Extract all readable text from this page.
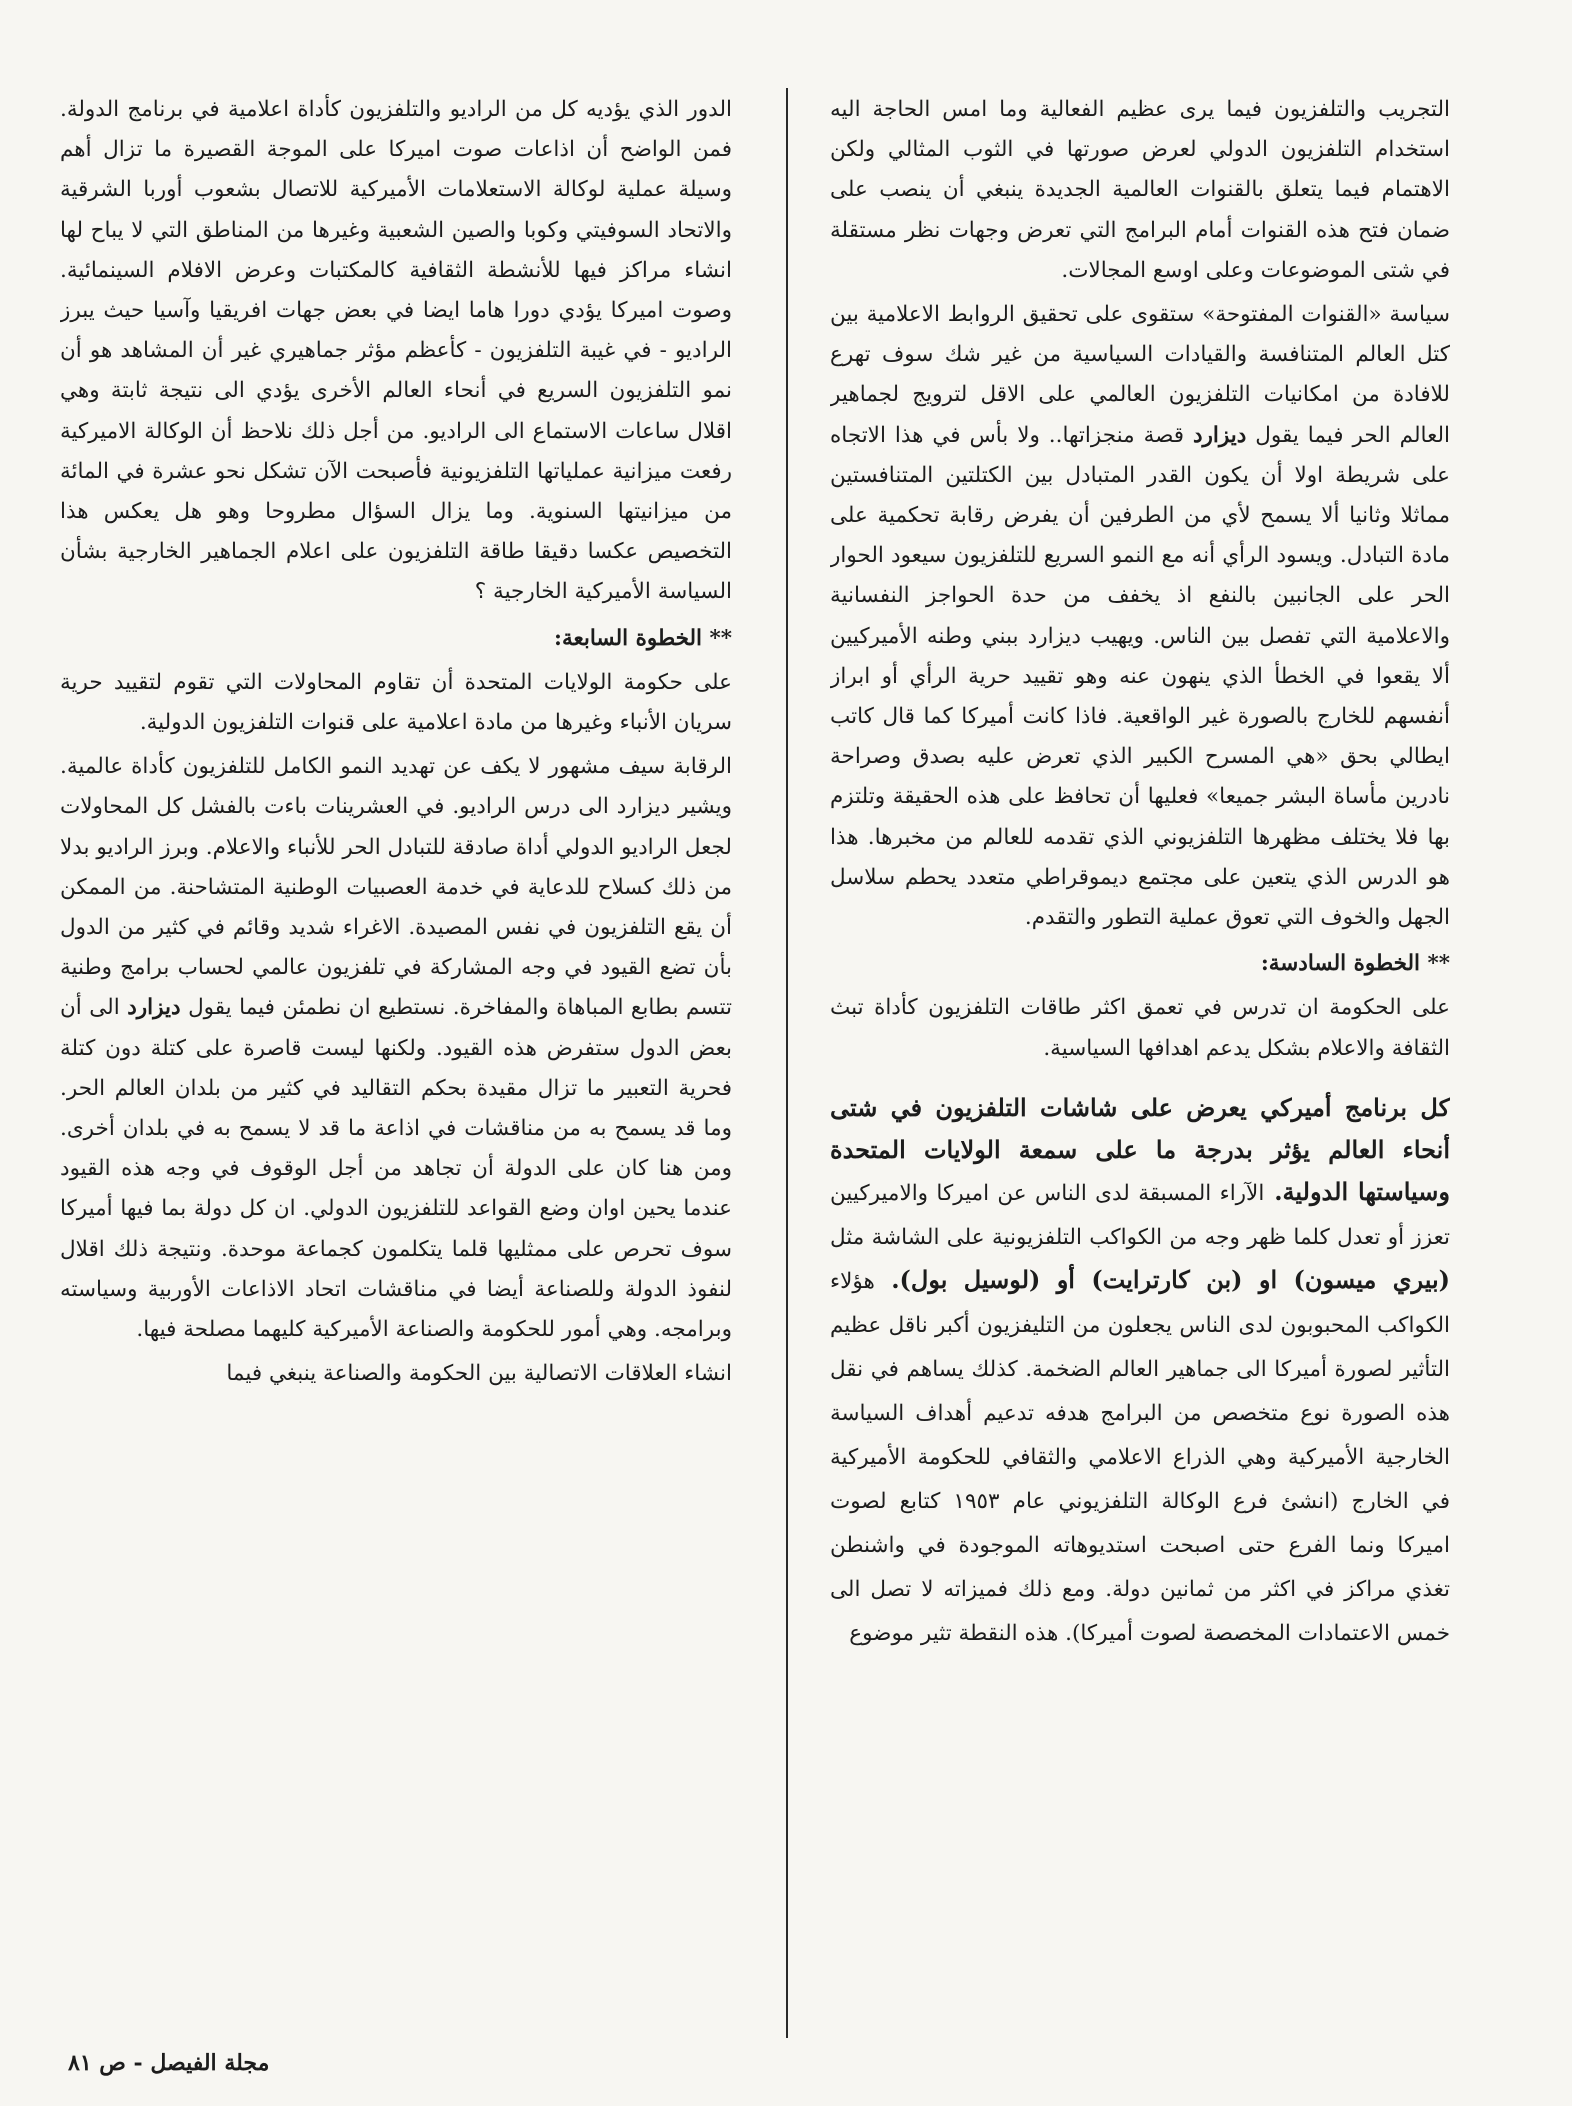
التجريب والتلفزيون فيما يرى عظيم الفعالية وما امس الحاجة اليه استخدام التلفزيون الدولي لعرض صورتها في الثوب المثالي ولكن الاهتمام فيما يتعلق بالقنوات العالمية الجديدة ينبغي أن ينصب على ضمان فتح هذه القنوات أمام البرامج التي تعرض وجهات نظر مستقلة في شتى الموضوعات وعلى اوسع المجالات.

سياسة «القنوات المفتوحة» ستقوى على تحقيق الروابط الاعلامية بين كتل العالم المتنافسة والقيادات السياسية من غير شك سوف تهرع للافادة من امكانيات التلفزيون العالمي على الاقل لترويج لجماهير العالم الحر فيما يقول ديزارد قصة منجزاتها.. ولا بأس في هذا الاتجاه على شريطة اولا أن يكون القدر المتبادل بين الكتلتين المتنافستين مماثلا وثانيا ألا يسمح لأي من الطرفين أن يفرض رقابة تحكمية على مادة التبادل. ويسود الرأي أنه مع النمو السريع للتلفزيون سيعود الحوار الحر على الجانبين بالنفع اذ يخفف من حدة الحواجز النفسانية والاعلامية التي تفصل بين الناس. ويهيب ديزارد ببني وطنه الأميركيين ألا يقعوا في الخطأ الذي ينهون عنه وهو تقييد حرية الرأي أو ابراز أنفسهم للخارج بالصورة غير الواقعية. فاذا كانت أميركا كما قال كاتب ايطالي بحق «هي المسرح الكبير الذي تعرض عليه بصدق وصراحة نادرين مأساة البشر جميعا» فعليها أن تحافظ على هذه الحقيقة وتلتزم بها فلا يختلف مظهرها التلفزيوني الذي تقدمه للعالم من مخبرها. هذا هو الدرس الذي يتعين على مجتمع ديموقراطي متعدد يحطم سلاسل الجهل والخوف التي تعوق عملية التطور والتقدم.

** الخطوة السادسة:

على الحكومة ان تدرس في تعمق اكثر طاقات التلفزيون كأداة تبث الثقافة والاعلام بشكل يدعم اهدافها السياسية.

كل برنامج أميركي يعرض على شاشات التلفزيون في شتى أنحاء العالم يؤثر بدرجة ما على سمعة الولايات المتحدة وسياستها الدولية. الآراء المسبقة لدى الناس عن اميركا والاميركيين تعزز أو تعدل كلما ظهر وجه من الكواكب التلفزيونية على الشاشة مثل (بيري ميسون) او (بن كارترايت) أو (لوسيل بول). هؤلاء الكواكب المحبوبون لدى الناس يجعلون من التليفزيون أكبر ناقل عظيم التأثير لصورة أميركا الى جماهير العالم الضخمة. كذلك يساهم في نقل هذه الصورة نوع متخصص من البرامج هدفه تدعيم أهداف السياسة الخارجية الأميركية وهي الذراع الاعلامي والثقافي للحكومة الأميركية في الخارج (انشئ فرع الوكالة التلفزيوني عام ١٩٥٣ كتابع لصوت اميركا ونما الفرع حتى اصبحت استديوهاته الموجودة في واشنطن تغذي مراكز في اكثر من ثمانين دولة. ومع ذلك فميزاته لا تصل الى خمس الاعتمادات المخصصة لصوت أميركا). هذه النقطة تثير موضوع

الدور الذي يؤديه كل من الراديو والتلفزيون كأداة اعلامية في برنامج الدولة. فمن الواضح أن اذاعات صوت اميركا على الموجة القصيرة ما تزال أهم وسيلة عملية لوكالة الاستعلامات الأميركية للاتصال بشعوب أوربا الشرقية والاتحاد السوفيتي وكوبا والصين الشعبية وغيرها من المناطق التي لا يباح لها انشاء مراكز فيها للأنشطة الثقافية كالمكتبات وعرض الافلام السينمائية. وصوت اميركا يؤدي دورا هاما ايضا في بعض جهات افريقيا وآسيا حيث يبرز الراديو - في غيبة التلفزيون - كأعظم مؤثر جماهيري غير أن المشاهد هو أن نمو التلفزيون السريع في أنحاء العالم الأخرى يؤدي الى نتيجة ثابتة وهي اقلال ساعات الاستماع الى الراديو. من أجل ذلك نلاحظ أن الوكالة الاميركية رفعت ميزانية عملياتها التلفزيونية فأصبحت الآن تشكل نحو عشرة في المائة من ميزانيتها السنوية. وما يزال السؤال مطروحا وهو هل يعكس هذا التخصيص عكسا دقيقا طاقة التلفزيون على اعلام الجماهير الخارجية بشأن السياسة الأميركية الخارجية ؟

** الخطوة السابعة:

على حكومة الولايات المتحدة أن تقاوم المحاولات التي تقوم لتقييد حرية سريان الأنباء وغيرها من مادة اعلامية على قنوات التلفزيون الدولية.

الرقابة سيف مشهور لا يكف عن تهديد النمو الكامل للتلفزيون كأداة عالمية. ويشير ديزارد الى درس الراديو. في العشرينات باءت بالفشل كل المحاولات لجعل الراديو الدولي أداة صادقة للتبادل الحر للأنباء والاعلام. وبرز الراديو بدلا من ذلك كسلاح للدعاية في خدمة العصبيات الوطنية المتشاحنة. من الممكن أن يقع التلفزيون في نفس المصيدة. الاغراء شديد وقائم في كثير من الدول بأن تضع القيود في وجه المشاركة في تلفزيون عالمي لحساب برامج وطنية تتسم بطابع المباهاة والمفاخرة. نستطيع ان نطمئن فيما يقول ديزارد الى أن بعض الدول ستفرض هذه القيود. ولكنها ليست قاصرة على كتلة دون كتلة فحرية التعبير ما تزال مقيدة بحكم التقاليد في كثير من بلدان العالم الحر. وما قد يسمح به من مناقشات في اذاعة ما قد لا يسمح به في بلدان أخرى. ومن هنا كان على الدولة أن تجاهد من أجل الوقوف في وجه هذه القيود عندما يحين اوان وضع القواعد للتلفزيون الدولي. ان كل دولة بما فيها أميركا سوف تحرص على ممثليها قلما يتكلمون كجماعة موحدة. ونتيجة ذلك اقلال لنفوذ الدولة وللصناعة أيضا في مناقشات اتحاد الاذاعات الأوربية وسياسته وبرامجه. وهي أمور للحكومة والصناعة الأميركية كليهما مصلحة فيها.

انشاء العلاقات الاتصالية بين الحكومة والصناعة ينبغي فيما

مجلة الفيصل - ص ٨١
